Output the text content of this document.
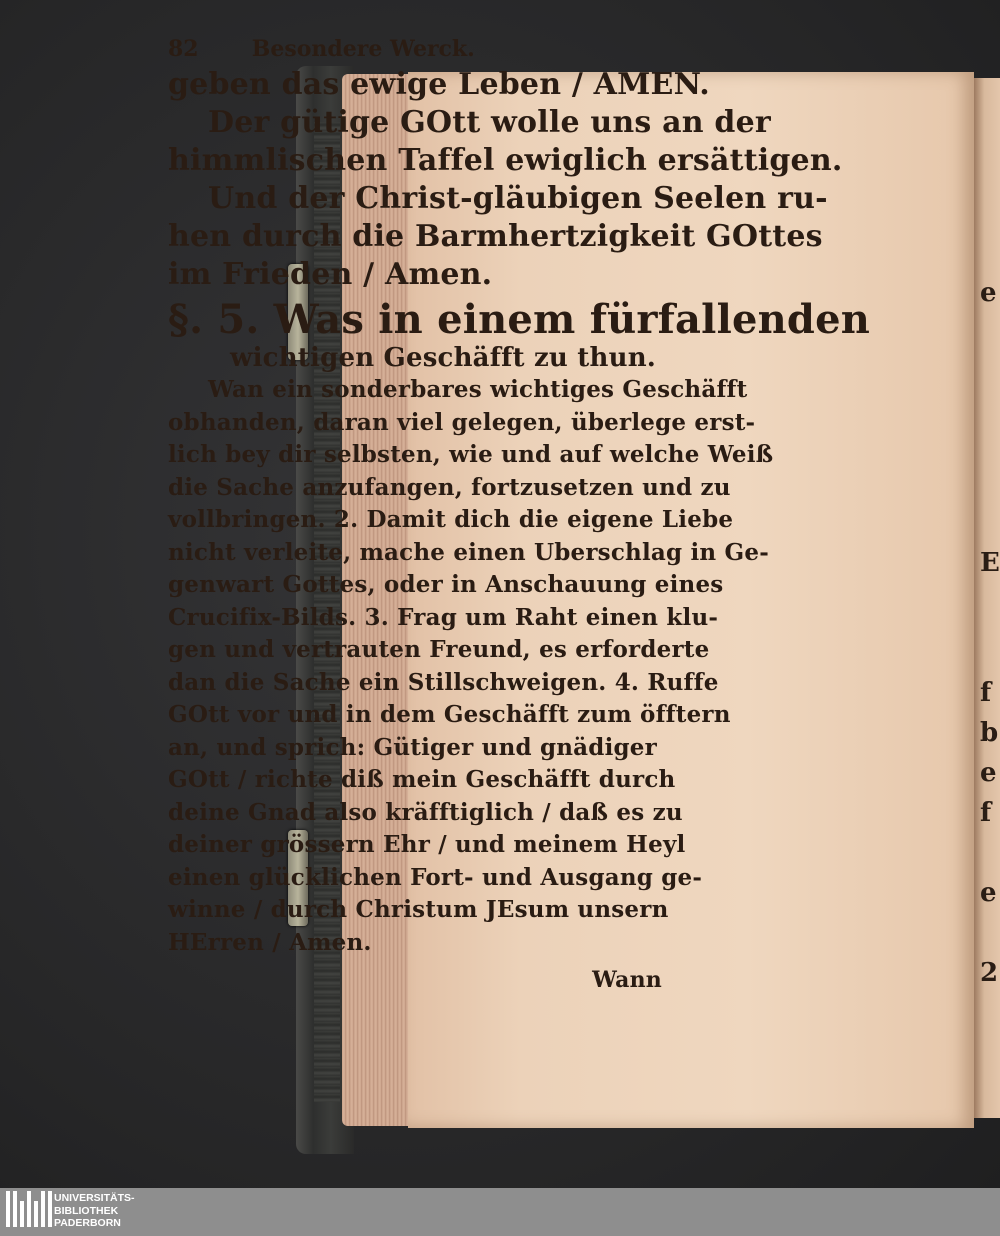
e
E
f
b
e
f
e
2
82 Besondere Werck.
geben das ewige Leben / AMEN.
Der gütige GOtt wolle uns an der
himmlischen Taffel ewiglich ersättigen.
Und der Christ-gläubigen Seelen ru-
hen durch die Barmhertzigkeit GOttes
im Frieden / Amen.
§. 5. Was in einem fürfallenden
wichtigen Geschäfft zu thun.
Wan ein sonderbares wichtiges Geschäfft
obhanden, daran viel gelegen, überlege erst-
lich bey dir selbsten, wie und auf welche Weiß
die Sache anzufangen, fortzusetzen und zu
vollbringen. 2. Damit dich die eigene Liebe
nicht verleite, mache einen Uberschlag in Ge-
genwart Gottes, oder in Anschauung eines
Crucifix-Bilds. 3. Frag um Raht einen klu-
gen und vertrauten Freund, es erforderte
dan die Sache ein Stillschweigen. 4. Ruffe
GOtt vor und in dem Geschäfft zum öfftern
an, und sprich: Gütiger und gnädiger
GOtt / richte diß mein Geschäfft durch
deine Gnad also kräfftiglich / daß es zu
deiner grössern Ehr / und meinem Heyl
einen glücklichen Fort- und Ausgang ge-
winne / durch Christum JEsum unsern
HErren / Amen.
Wann
UNIVERSITÄTS-
BIBLIOTHEK
PADERBORN
